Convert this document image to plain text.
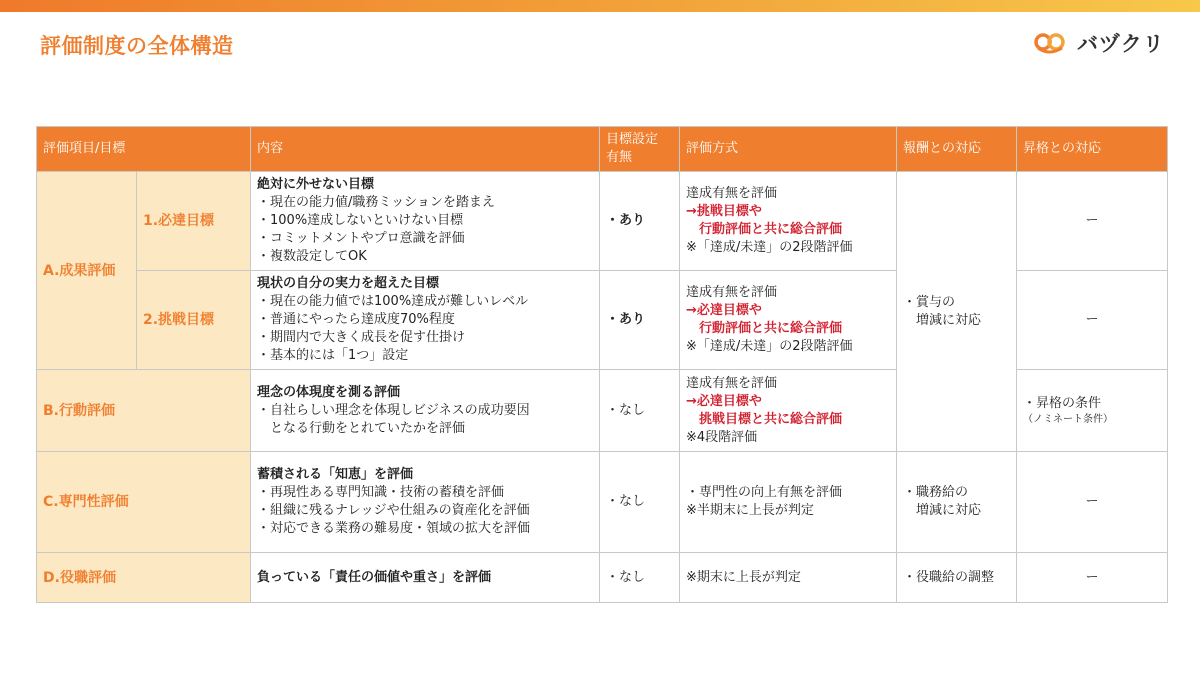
評価制度の全体構造	バヅクリ
評価項目/目標		内容	目標設定
有無	評価方式	報酬との対応	昇格との対応
A.成果評価	1.必達目標	絶対に外せない目標
・現在の能力値/職務ミッションを踏まえ
・100%達成しないといけない目標
・コミットメントやプロ意識を評価
・複数設定してOK	・あり	達成有無を評価
→挑戦目標や
　行動評価と共に総合評価
※「達成/未達」の2段階評価	・賞与の
　増減に対応	ー
	2.挑戦目標	現状の自分の実力を超えた目標
・現在の能力値では100%達成が難しいレベル
・普通にやったら達成度70%程度
・期間内で大きく成長を促す仕掛け
・基本的には「1つ」設定	・あり	達成有無を評価
→必達目標や
　行動評価と共に総合評価
※「達成/未達」の2段階評価		ー
B.行動評価		理念の体現度を測る評価
・自社らしい理念を体現しビジネスの成功要因
　となる行動をとれていたかを評価	・なし	達成有無を評価
→必達目標や
　挑戦目標と共に総合評価
※4段階評価		・昇格の条件
（ノミネート条件）

C.専門性評価		蓄積される「知恵」を評価
・再現性ある専門知識・技術の蓄積を評価
・組織に残るナレッジや仕組みの資産化を評価
・対応できる業務の難易度・領域の拡大を評価	・なし	・専門性の向上有無を評価
※半期末に上長が判定	・職務給の
　増減に対応	ー
D.役職評価		負っている「責任の価値や重さ」を評価	・なし	※期末に上長が判定	・役職給の調整	ー
